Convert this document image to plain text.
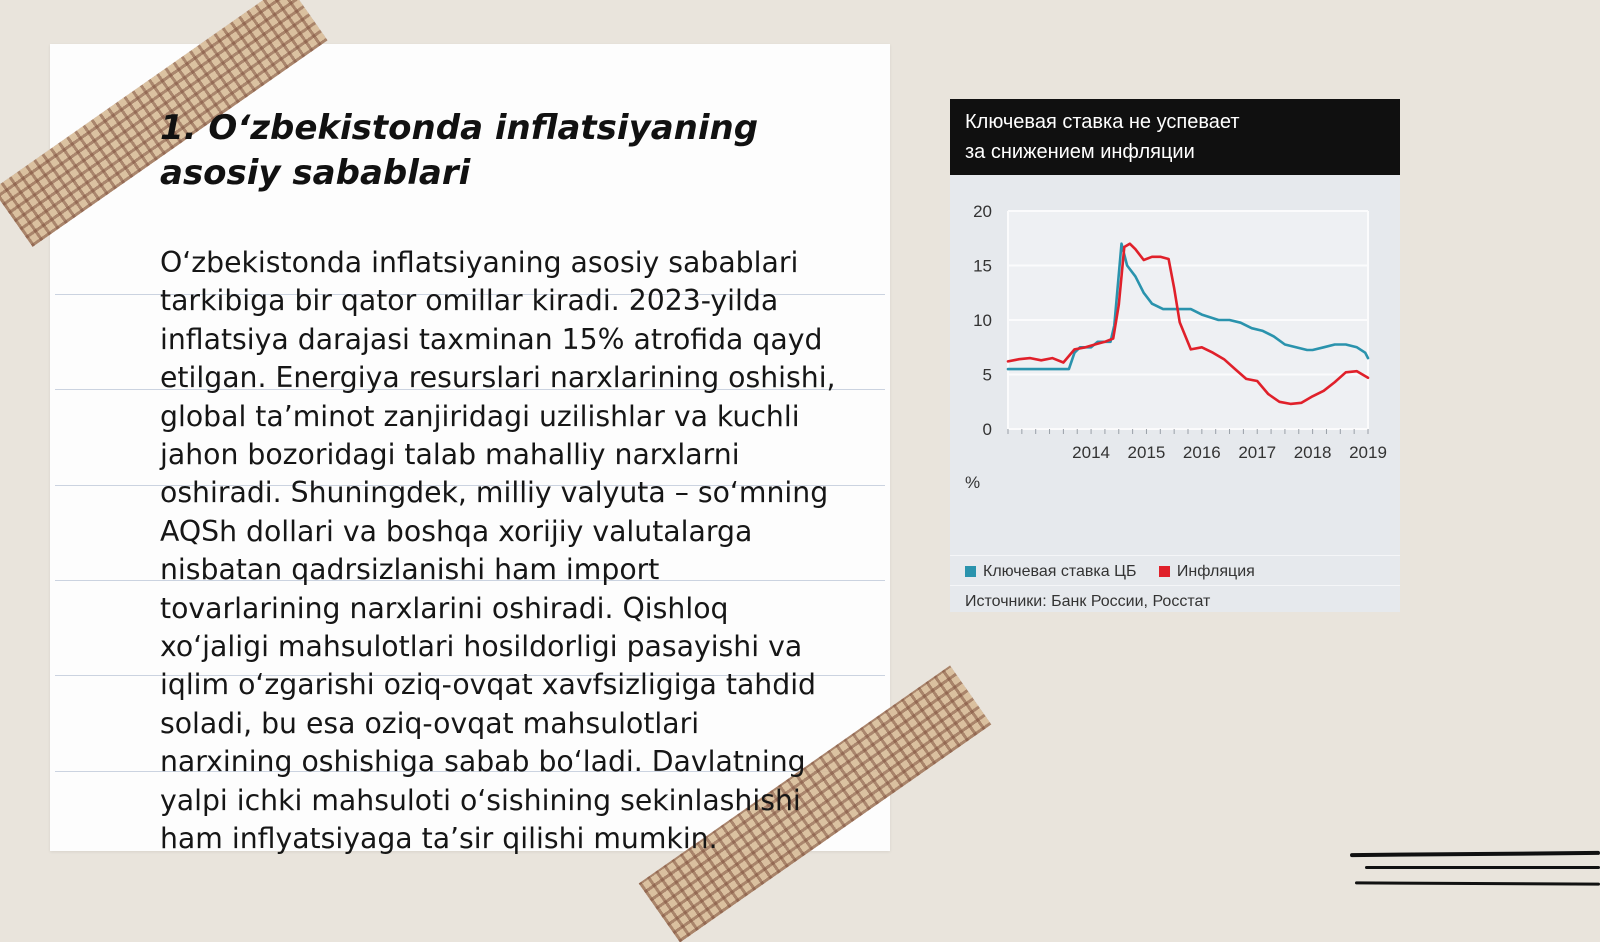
1. O‘zbekistonda inflatsiyaning asosiy sabablari

O‘zbekistonda inflatsiyaning asosiy sabablari tarkibiga bir qator omillar kiradi. 2023-yilda inflatsiya darajasi taxminan 15% atrofida qayd etilgan. Energiya resurslari narxlarining oshishi, global ta’minot zanjiridagi uzilishlar va kuchli jahon bozoridagi talab mahalliy narxlarni oshiradi. Shuningdek, milliy valyuta – so‘mning AQSh dollari va boshqa xorijiy valutalarga nisbatan qadrsizlanishi ham import tovarlarining narxlarini oshiradi. Qishloq xo‘jaligi mahsulotlari hosildorligi pasayishi va iqlim o‘zgarishi oziq-ovqat xavfsizligiga tahdid soladi, bu esa oziq-ovqat mahsulotlari narxining oshishiga sabab bo‘ladi. Davlatning yalpi ichki mahsuloti o‘sishining sekinlashishi ham inflyatsiyaga ta’sir qilishi mumkin.

Ключевая ставка не успевает
за снижением инфляции
0
5
10
15
20
2014 2015 2016 2017 2018 2019
%
Ключевая ставка ЦБ	Инфляция
Источники: Банк России, Росстат
